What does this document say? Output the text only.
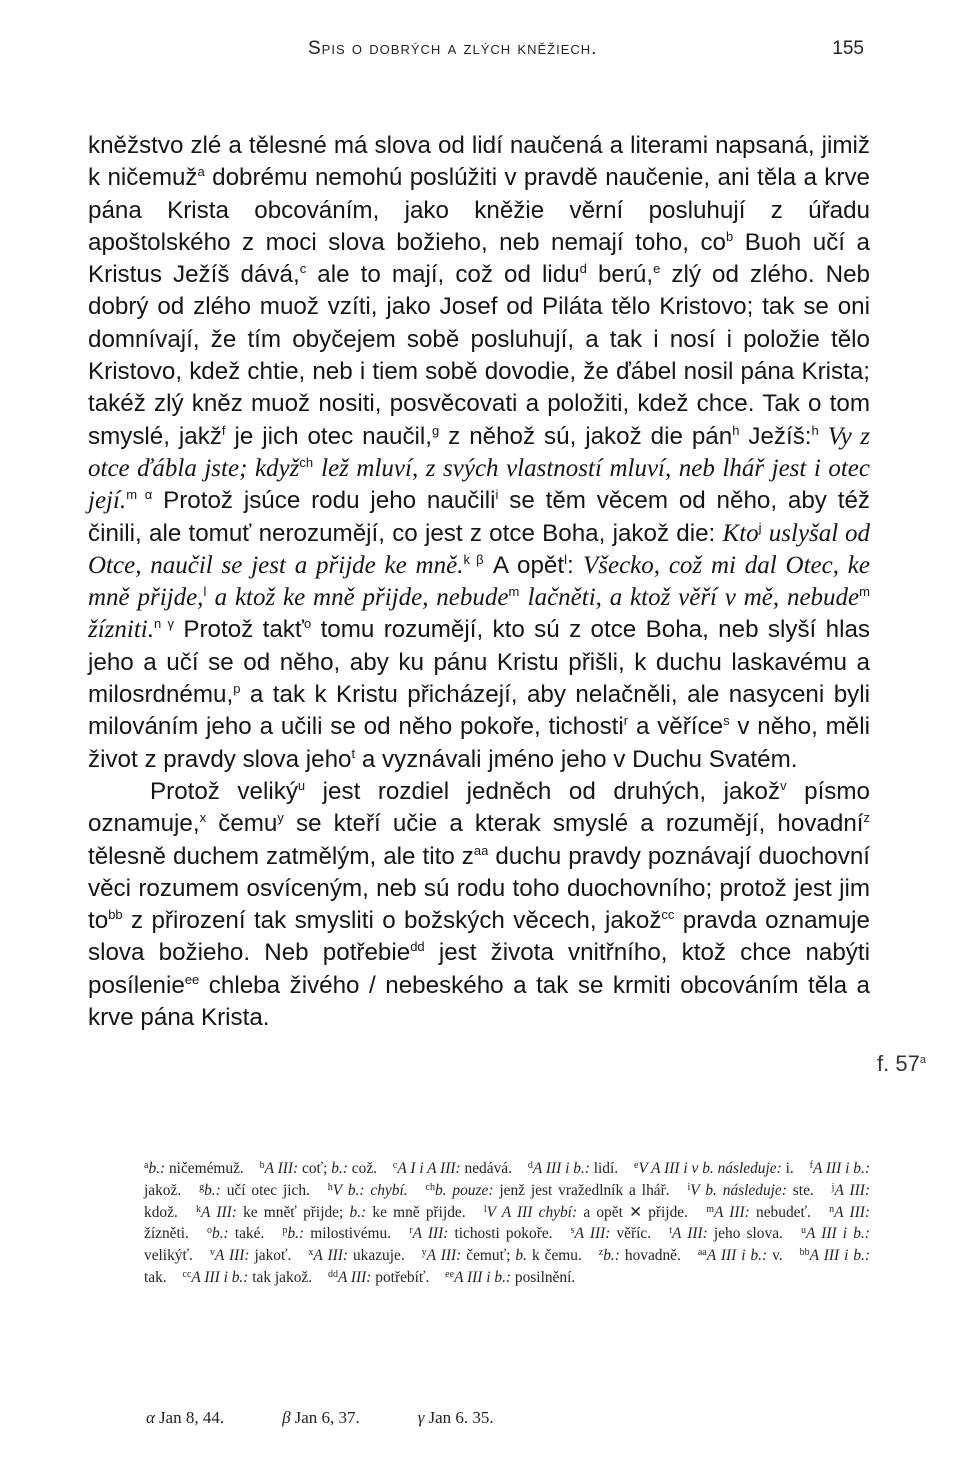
Spis o dobrých a zlých kněžiech.	155

kněžstvo zlé a tělesné má slova od lidí naučená a literami napsaná, jimiž k ničemuž$^a$ dobrému nemohú poslúžiti v pravdě naučenie, ani těla a krve pána Krista obcováním, jako kněžie věrní posluhují z úřadu apoštolského z moci slova božieho, neb nemají toho, $co^b$ Buoh učí a Kristus Ježíš dává,$^c$ ale to mají, což od lidu$^d$ berú,$^e$ zlý od zlého. Neb dobrý od zlého muož vzíti, jako Josef od Piláta tělo Kristovo; tak se oni domnívají, že tím obyčejem sobě posluhují, a tak i nosí i položie tělo Kristovo, kdež chtie, neb i tiem sobě dovodie, že ďábel nosil pána Krista; takéž zlý kněz muož nositi, posvěcovati a položiti, kdež chce. Tak o tom smyslé, jakž$^f$ je jich otec naučil,$^g$ z něhož sú, jakož die pán$^h$ Ježíš:$^h$ Vy z otce ďábla jste; když$^{ch}$ lež mluví, z svých vlastností mluví, neb lhář jest i otec její.$^{m \alpha}$ Protož jsúce rodu jeho naučili$^i$ se těm věcem od něho, aby též činili, ale tomuť nerozumějí, co jest z otce Boha, jakož die: Kto$^j$ uslyšal od Otce, naučil se jest a přijde ke mně.$^{k \beta}$ A opět$^l$: Všecko, což mi dal Otec, ke mně přijde,$^l$ a ktož ke mně přijde, nebude$^m$ lačněti, a ktož věří v mě, nebude$^m$ žízniti.$^{n \gamma}$ Protož takť$^o$ tomu rozumějí, kto sú z otce Boha, neb slyší hlas jeho a učí se od něho, aby ku pánu Kristu přišli, k duchu laskavému a milosrdnému,$^p$ a tak k Kristu přicházejí, aby nelačněli, ale nasyceni byli milováním jeho a učili se od něho pokoře, tichosti$^r$ a věříce$^s$ v něho, měli život z pravdy slova jeho$^t$ a vyznávali jméno jeho v Duchu Svatém.

Protož veliký$^u$ jest rozdiel jedněch od druhých, jakož$^v$ písmo oznamuje,$^x$ čemu$^y$ se kteří učie a kterak smyslé a rozumějí, hovadní$^z$ tělesně duchem zatmělým, ale tito $z^{aa}$ duchu pravdy poznávají duochovní věci rozumem osvíceným, neb sú rodu toho duochovního; protož jest jim $to^{bb}$ z přirození tak smysliti o božských věcech, jakož$^{cc}$ pravda oznamuje slova božieho. Neb potřebie$^{dd}$ jest života vnitřního, ktož chce nabýti posílenie$^{ee}$ chleba živého / nebeského a tak se krmiti obcováním těla a krve pána Krista.

f. 57$^a$
$^a$b.: ničemémuž. $^b$A III: coť; b.: což. $^c$A I i A III: nedává. $^d$A III i b.: lidí. $^e$V A III i v b. následuje: i. $^f$A III i b.: jakož. $^g$b.: učí otec jich. $^h$V b.: chybí. $^{ch}$b. pouze: jenž jest vražedlník a lhář. $^i$V b. následuje: ste. $^j$A III: kdož. $^k$A III: ke mněť přijde; b.: ke mně přijde. $^l$V A III chybí: a opět ✕ přijde. $^m$A III: nebudeť. $^n$A III: žízněti. $^o$b.: také. $^p$b.: milostivému. $^r$A III: tichosti pokoře. $^s$A III: věříc. $^t$A III: jeho slova. $^u$A III i b.: velikýť. $^v$A III: jakoť. $^x$A III: ukazuje. $^y$A III: čemuť; b. k čemu. $^z$b.: hovadně. $^{aa}$A III i b.: v. $^{bb}$A III i b.: tak. $^{cc}$A III i b.: tak jakož. $^{dd}$A III: potřebíť. $^{ee}$A III i b.: posilnění.
α Jan 8, 44.	β Jan 6, 37.	γ Jan 6. 35.
